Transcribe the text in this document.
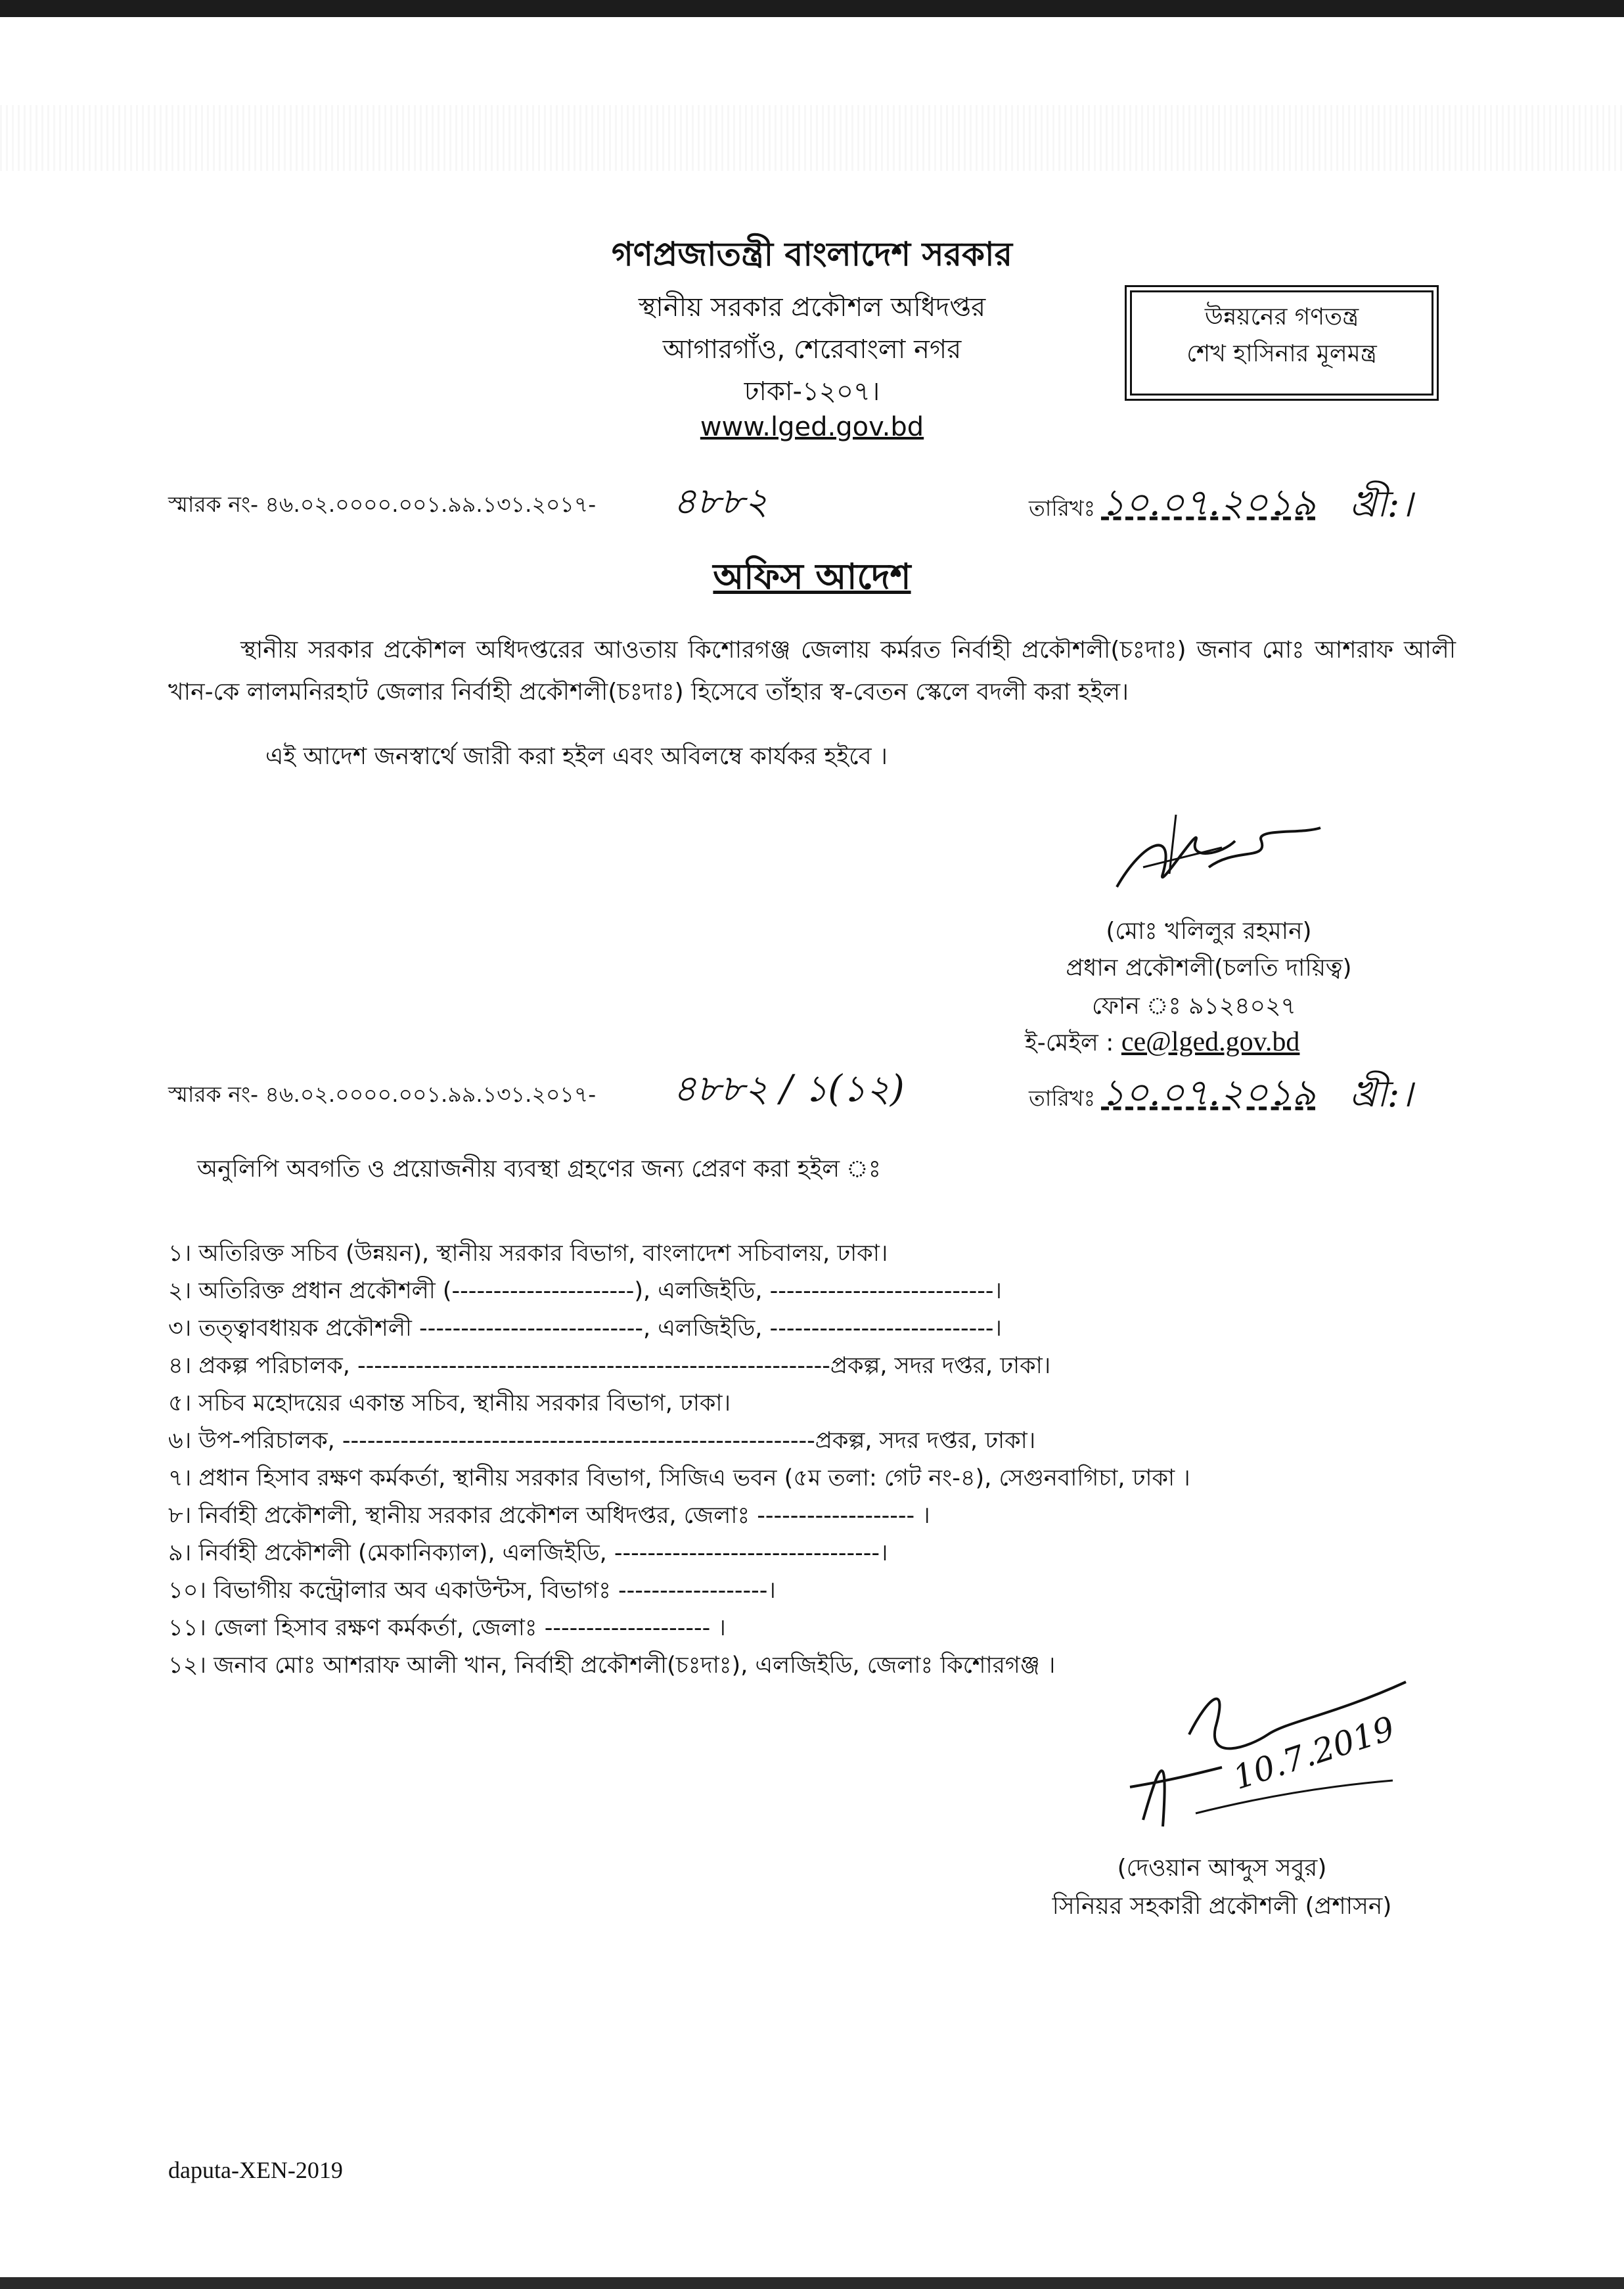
গণপ্রজাতন্ত্রী বাংলাদেশ সরকার
স্থানীয় সরকার প্রকৌশল অধিদপ্তর
আগারগাঁও, শেরেবাংলা নগর
ঢাকা-১২০৭।
www.lged.gov.bd
উন্নয়নের গণতন্ত্র
শেখ হাসিনার মূলমন্ত্র
স্মারক নং- ৪৬.০২.০০০০.০০১.৯৯.১৩১.২০১৭- ৪৮৮২	তারিখঃ ১০.০৭.২০১৯ খ্রী:।
অফিস আদেশ
স্থানীয় সরকার প্রকৌশল অধিদপ্তরের আওতায় কিশোরগঞ্জ জেলায় কর্মরত নির্বাহী প্রকৌশলী(চঃদাঃ) জনাব মোঃ আশরাফ আলী খান-কে লালমনিরহাট জেলার নির্বাহী প্রকৌশলী(চঃদাঃ) হিসেবে তাঁহার স্ব-বেতন স্কেলে বদলী করা হইল।
এই আদেশ জনস্বার্থে জারী করা হইল এবং অবিলম্বে কার্যকর হইবে ।
(মোঃ খলিলুর রহমান)
প্রধান প্রকৌশলী(চলতি দায়িত্ব)
ফোন ঃ ৯১২৪০২৭
ই-মেইল : ce@lged.gov.bd
স্মারক নং- ৪৬.০২.০০০০.০০১.৯৯.১৩১.২০১৭- ৪৮৮২ / ১(১২)	তারিখঃ ১০.০৭.২০১৯ খ্রী:।
অনুলিপি অবগতি ও প্রয়োজনীয় ব্যবস্থা গ্রহণের জন্য প্রেরণ করা হইল ঃ
১। অতিরিক্ত সচিব (উন্নয়ন), স্থানীয় সরকার বিভাগ, বাংলাদেশ সচিবালয়, ঢাকা।
২। অতিরিক্ত প্রধান প্রকৌশলী (----------------------), এলজিইডি, ---------------------------।
৩। তত্ত্বাবধায়ক প্রকৌশলী ---------------------------, এলজিইডি, ---------------------------।
৪। প্রকল্প পরিচালক, ---------------------------------------------------------প্রকল্প, সদর দপ্তর, ঢাকা।
৫। সচিব মহোদয়ের একান্ত সচিব, স্থানীয় সরকার বিভাগ, ঢাকা।
৬। উপ-পরিচালক, ---------------------------------------------------------প্রকল্প, সদর দপ্তর, ঢাকা।
৭। প্রধান হিসাব রক্ষণ কর্মকর্তা, স্থানীয় সরকার বিভাগ, সিজিএ ভবন (৫ম তলা: গেট নং-৪), সেগুনবাগিচা, ঢাকা ।
৮। নির্বাহী প্রকৌশলী, স্থানীয় সরকার প্রকৌশল অধিদপ্তর, জেলাঃ ------------------- ।
৯। নির্বাহী প্রকৌশলী (মেকানিক্যাল), এলজিইডি, --------------------------------।
১০। বিভাগীয় কন্ট্রোলার অব একাউন্টস, বিভাগঃ ------------------।
১১। জেলা হিসাব রক্ষণ কর্মকর্তা, জেলাঃ -------------------- ।
১২। জনাব মোঃ আশরাফ আলী খান, নির্বাহী প্রকৌশলী(চঃদাঃ), এলজিইডি, জেলাঃ কিশোরগঞ্জ ।
10.7.2019
(দেওয়ান আব্দুস সবুর)
সিনিয়র সহকারী প্রকৌশলী (প্রশাসন)
daputa-XEN-2019
